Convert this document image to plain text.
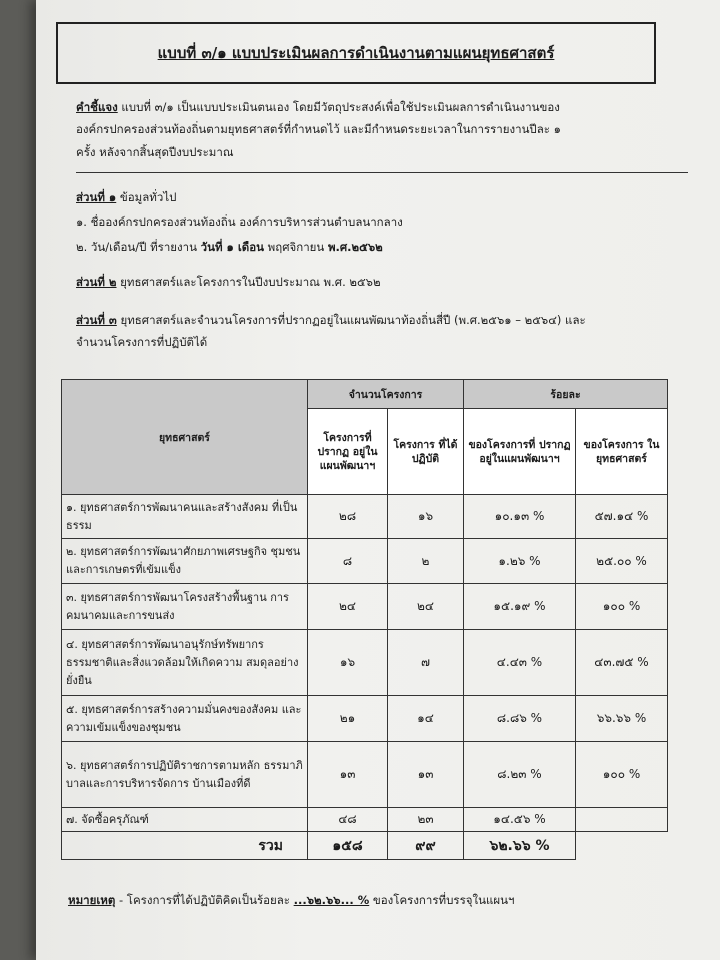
แบบที่ ๓/๑ แบบประเมินผลการดำเนินงานตามแผนยุทธศาสตร์
คำชี้แจง แบบที่ ๓/๑ เป็นแบบประเมินตนเอง โดยมีวัตถุประสงค์เพื่อใช้ประเมินผลการดำเนินงานของ
องค์กรปกครองส่วนท้องถิ่นตามยุทธศาสตร์ที่กำหนดไว้ และมีกำหนดระยะเวลาในการรายงานปีละ ๑
ครั้ง หลังจากสิ้นสุดปีงบประมาณ
ส่วนที่ ๑ ข้อมูลทั่วไป
๑. ชื่อองค์กรปกครองส่วนท้องถิ่น องค์การบริหารส่วนตำบลนากลาง
๒. วัน/เดือน/ปี ที่รายงาน วันที่ ๑ เดือน พฤศจิกายน พ.ศ.๒๕๖๒
ส่วนที่ ๒ ยุทธศาสตร์และโครงการในปีงบประมาณ พ.ศ. ๒๕๖๒
ส่วนที่ ๓ ยุทธศาสตร์และจำนวนโครงการที่ปรากฏอยู่ในแผนพัฒนาท้องถิ่นสี่ปี (พ.ศ.๒๕๖๑ – ๒๕๖๔) และ
จำนวนโครงการที่ปฏิบัติได้
ยุทธศาสตร์	จำนวนโครงการ		ร้อยละ	
	โครงการที่ ปรากฏ อยู่ใน แผนพัฒนาฯ	โครงการ ที่ได้ปฏิบัติ	ของโครงการที่ ปรากฏ อยู่ในแผนพัฒนาฯ	ของโครงการ ในยุทธศาสตร์
๑. ยุทธศาสตร์การพัฒนาคนและสร้างสังคม ที่เป็นธรรม	๒๘	๑๖	๑๐.๑๓ %	๕๗.๑๔ %
๒. ยุทธศาสตร์การพัฒนาศักยภาพเศรษฐกิจ ชุมชนและการเกษตรที่เข้มแข็ง	๘	๒	๑.๒๖ %	๒๕.๐๐ %
๓. ยุทธศาสตร์การพัฒนาโครงสร้างพื้นฐาน การคมนาคมและการขนส่ง	๒๔	๒๔	๑๕.๑๙ %	๑๐๐ %
๔. ยุทธศาสตร์การพัฒนาอนุรักษ์ทรัพยากร ธรรมชาติและสิ่งแวดล้อมให้เกิดความ สมดุลอย่างยั่งยืน	๑๖	๗	๔.๔๓ %	๔๓.๗๕ %
๕. ยุทธศาสตร์การสร้างความมั่นคงของสังคม และความเข้มแข็งของชุมชน	๒๑	๑๔	๘.๘๖ %	๖๖.๖๖ %
๖. ยุทธศาสตร์การปฏิบัติราชการตามหลัก ธรรมาภิบาลและการบริหารจัดการ บ้านเมืองที่ดี	๑๓	๑๓	๘.๒๓ %	๑๐๐ %
๗. จัดซื้อครุภัณฑ์	๔๘	๒๓	๑๔.๕๖ %	
รวม	๑๕๘	๙๙	๖๒.๖๖ %	
หมายเหตุ - โครงการที่ได้ปฏิบัติคิดเป็นร้อยละ ...๖๒.๖๖... % ของโครงการที่บรรจุในแผนฯ
